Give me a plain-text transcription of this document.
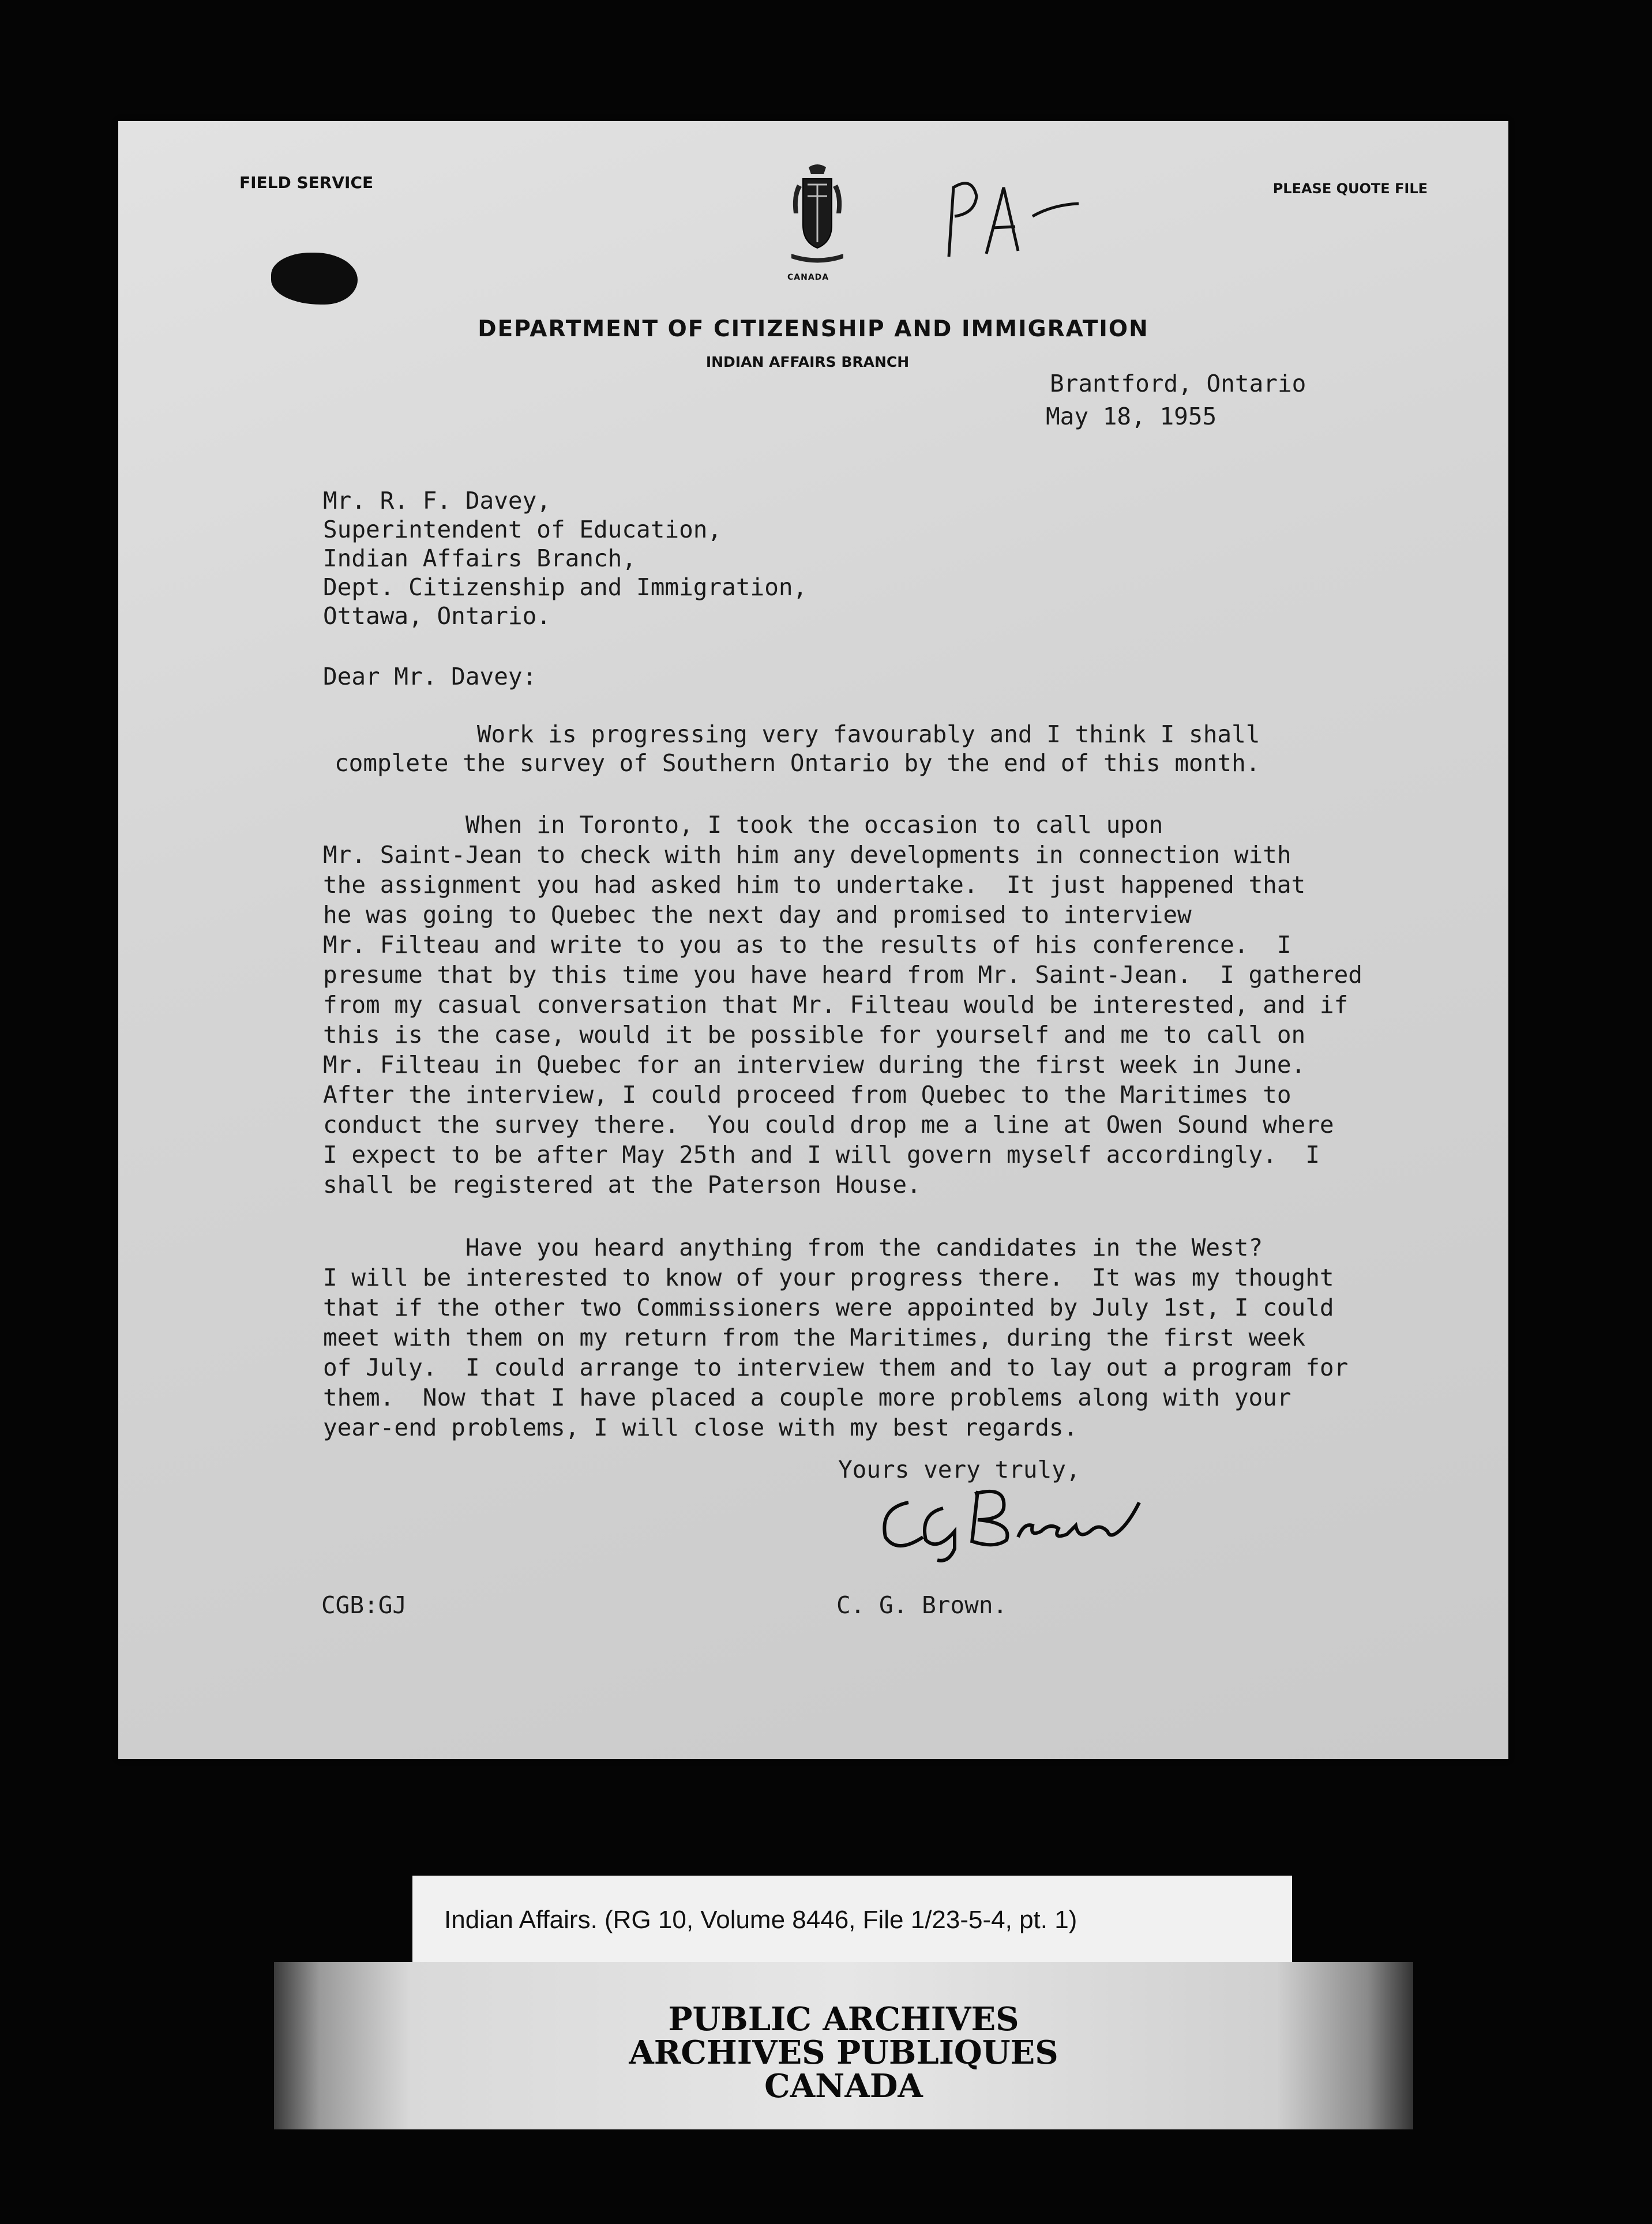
FIELD SERVICE	PLEASE QUOTE FILE
CANADA
DEPARTMENT OF CITIZENSHIP AND IMMIGRATION
INDIAN AFFAIRS BRANCH
Brantford, Ontario
May 18, 1955
Mr. R. F. Davey,
Superintendent of Education,
Indian Affairs Branch,
Dept. Citizenship and Immigration,
Ottawa, Ontario.
Dear Mr. Davey:
Work is progressing very favourably and I think I shall
complete the survey of Southern Ontario by the end of this month.
When in Toronto, I took the occasion to call upon
Mr. Saint-Jean to check with him any developments in connection with
the assignment you had asked him to undertake.  It just happened that
he was going to Quebec the next day and promised to interview
Mr. Filteau and write to you as to the results of his conference.  I
presume that by this time you have heard from Mr. Saint-Jean.  I gathered
from my casual conversation that Mr. Filteau would be interested, and if
this is the case, would it be possible for yourself and me to call on
Mr. Filteau in Quebec for an interview during the first week in June.
After the interview, I could proceed from Quebec to the Maritimes to
conduct the survey there.  You could drop me a line at Owen Sound where
I expect to be after May 25th and I will govern myself accordingly.  I
shall be registered at the Paterson House.
Have you heard anything from the candidates in the West?
I will be interested to know of your progress there.  It was my thought
that if the other two Commissioners were appointed by July 1st, I could
meet with them on my return from the Maritimes, during the first week
of July.  I could arrange to interview them and to lay out a program for
them.  Now that I have placed a couple more problems along with your
year-end problems, I will close with my best regards.
Yours very truly,
CGB:GJ	C. G. Brown.
Indian Affairs. (RG 10, Volume 8446, File 1/23-5-4, pt. 1)
PUBLIC ARCHIVES
ARCHIVES PUBLIQUES
CANADA
